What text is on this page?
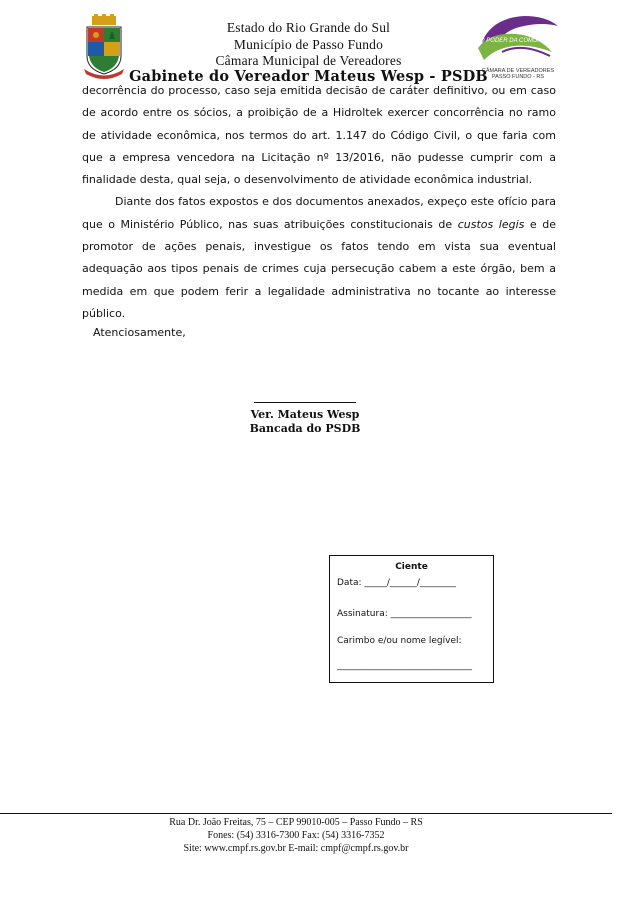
Estado do Rio Grande do Sul
Município de Passo Fundo
Câmara Municipal de Vereadores
Gabinete do Vereador Mateus Wesp - PSDB
O PODER DA COMUNIDADE
CÂMARA DE VEREADORES
PASSO FUNDO - RS

decorrência do processo, caso seja emitida decisão de caráter definitivo, ou em caso de acordo entre os sócios, a proibição de a Hidroltek exercer concorrência no ramo de atividade econômica, nos termos do art. 1.147 do Código Civil, o que faria com que a empresa vencedora na Licitação nº 13/2016, não pudesse cumprir com a finalidade desta, qual seja, o desenvolvimento de atividade econômica industrial.

Diante dos fatos expostos e dos documentos anexados, expeço este ofício para que o Ministério Público, nas suas atribuições constitucionais de custos legis e de promotor de ações penais, investigue os fatos tendo em vista sua eventual adequação aos tipos penais de crimes cuja persecução cabem a este órgão, bem a medida em que podem ferir a legalidade administrativa no tocante ao interesse público.

Atenciosamente,
Ver. Mateus Wesp
Bancada do PSDB
Ciente
Data: _____/______/________
Assinatura: __________________
Carimbo e/ou nome legível:
______________________________
Rua Dr. João Freitas, 75 – CEP 99010-005 – Passo Fundo – RS
Fones: (54) 3316-7300 Fax: (54) 3316-7352
Site: www.cmpf.rs.gov.br E-mail: cmpf@cmpf.rs.gov.br
